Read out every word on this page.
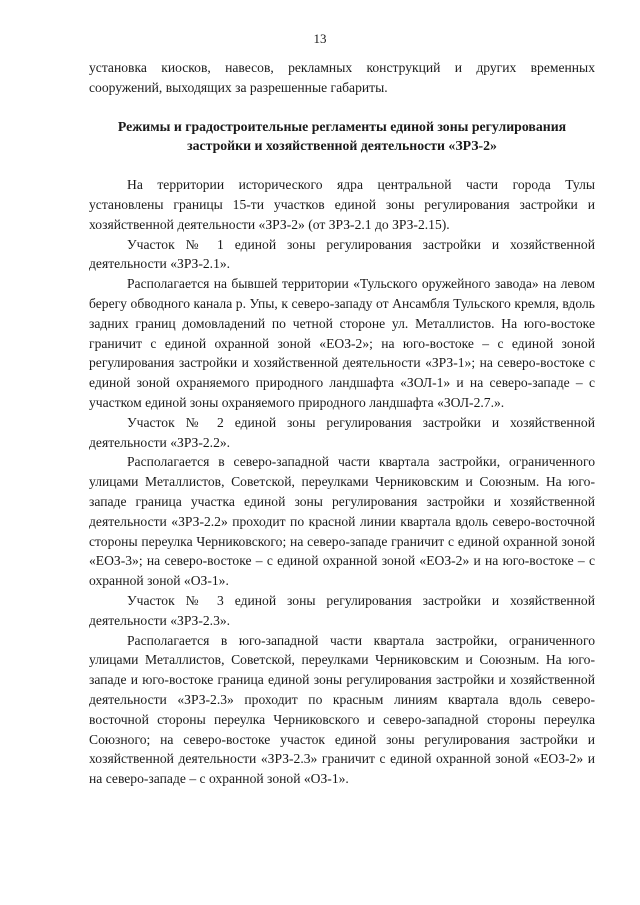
13

установка киосков, навесов, рекламных конструкций и других временных сооружений, выходящих за разрешенные габариты.

Режимы и градостроительные регламенты единой зоны регулирования застройки и хозяйственной деятельности «ЗРЗ-2»

На территории исторического ядра центральной части города Тулы установлены границы 15-ти участков единой зоны регулирования застройки и хозяйственной деятельности «ЗРЗ-2» (от ЗРЗ-2.1 до ЗРЗ-2.15).

Участок № 1 единой зоны регулирования застройки и хозяйственной деятельности «ЗРЗ-2.1».

Располагается на бывшей территории «Тульского оружейного завода» на левом берегу обводного канала р. Упы, к северо-западу от Ансамбля Тульского кремля, вдоль задних границ домовладений по четной стороне ул. Металлистов. На юго-востоке граничит с единой охранной зоной «ЕОЗ-2»; на юго-востоке – с единой зоной регулирования застройки и хозяйственной деятельности «ЗРЗ-1»; на северо-востоке с единой зоной охраняемого природного ландшафта «ЗОЛ-1» и на северо-западе – с участком единой зоны охраняемого природного ландшафта «ЗОЛ-2.7.».

Участок № 2 единой зоны регулирования застройки и хозяйственной деятельности «ЗРЗ-2.2».

Располагается в северо-западной части квартала застройки, ограниченного улицами Металлистов, Советской, переулками Черниковским и Союзным. На юго-западе граница участка единой зоны регулирования застройки и хозяйственной деятельности «ЗРЗ-2.2» проходит по красной линии квартала вдоль северо-восточной стороны переулка Черниковского; на северо-западе граничит с единой охранной зоной «ЕОЗ-3»; на северо-востоке – с единой охранной зоной «ЕОЗ-2» и на юго-востоке – с охранной зоной «ОЗ-1».

Участок № 3 единой зоны регулирования застройки и хозяйственной деятельности «ЗРЗ-2.3».

Располагается в юго-западной части квартала застройки, ограниченного улицами Металлистов, Советской, переулками Черниковским и Союзным. На юго-западе и юго-востоке граница единой зоны регулирования застройки и хозяйственной деятельности «ЗРЗ-2.3» проходит по красным линиям квартала вдоль северо-восточной стороны переулка Черниковского и северо-западной стороны переулка Союзного; на северо-востоке участок единой зоны регулирования застройки и хозяйственной деятельности «ЗРЗ-2.3» граничит с единой охранной зоной «ЕОЗ-2» и на северо-западе – с охранной зоной «ОЗ-1».
